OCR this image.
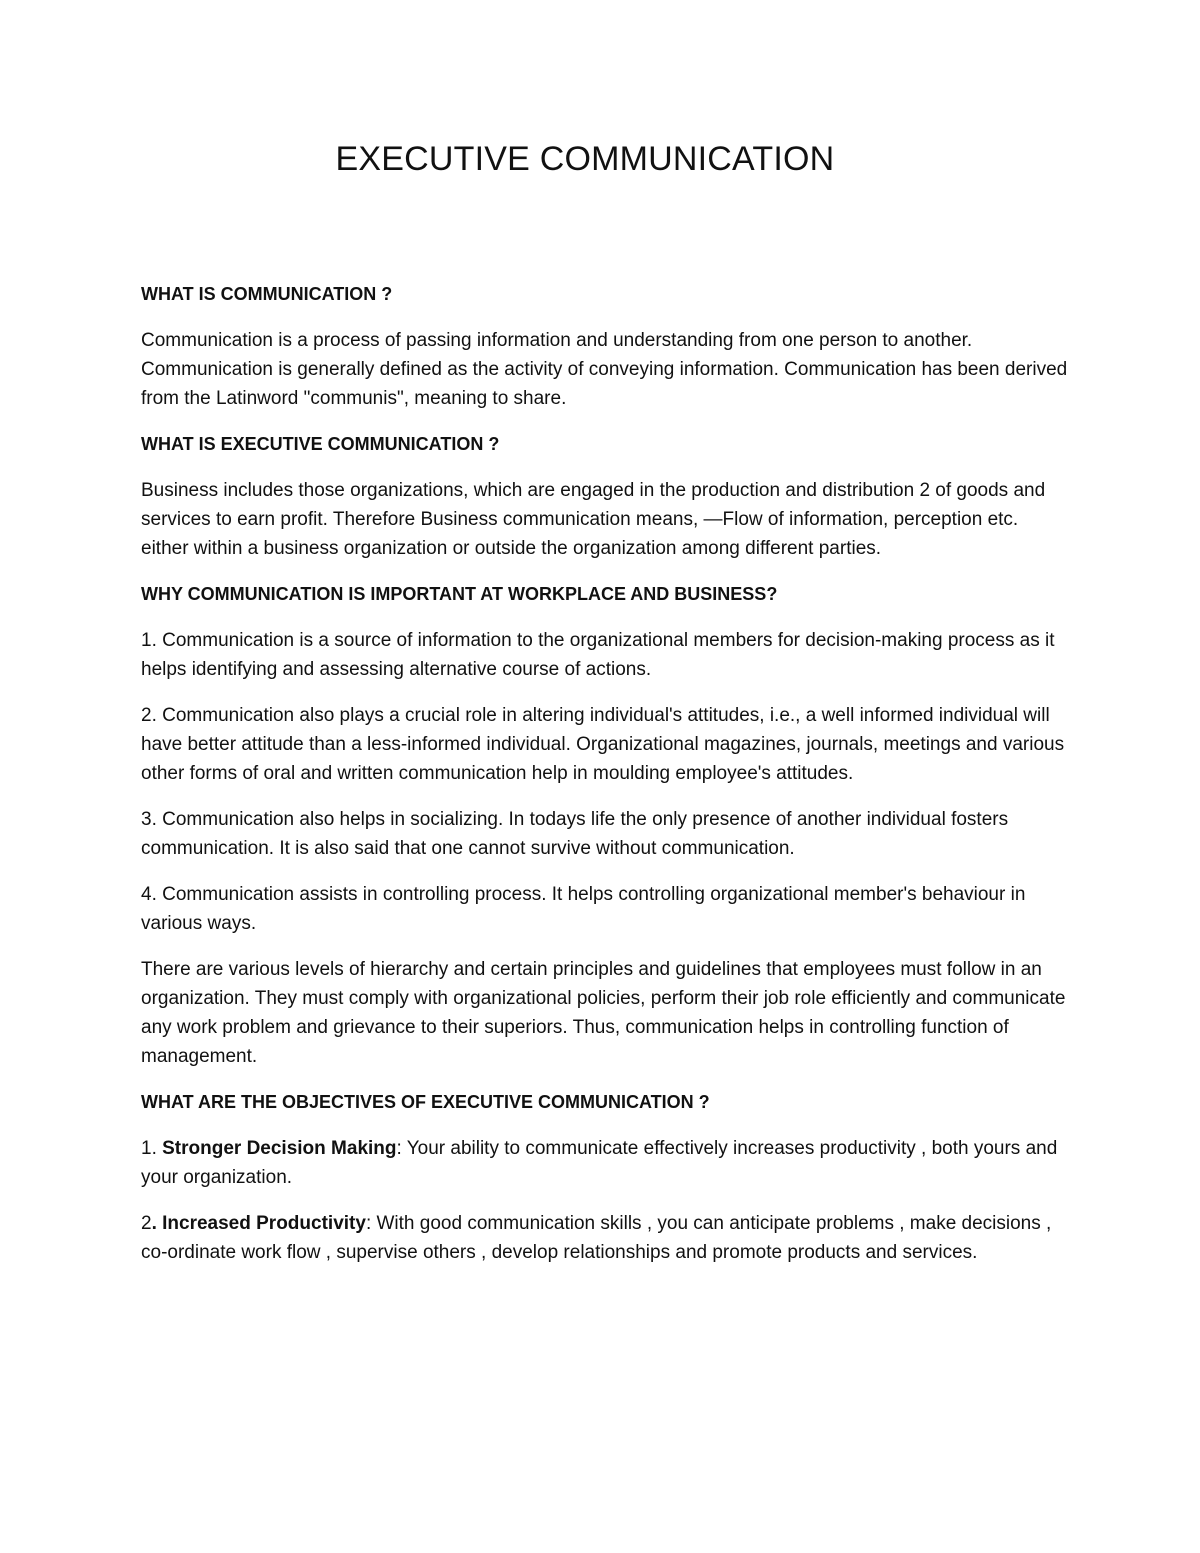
EXECUTIVE COMMUNICATION

WHAT IS COMMUNICATION ?

Communication is a process of passing information and understanding from one person to another. Communication is generally defined as the activity of conveying information. Communication has been derived from the Latinword "communis", meaning to share.

WHAT IS EXECUTIVE COMMUNICATION ?

Business includes those organizations, which are engaged in the production and distribution 2 of goods and services to earn profit. Therefore Business communication means, —Flow of information, perception etc. either within a business organization or outside the organization among different parties.

WHY COMMUNICATION IS IMPORTANT AT WORKPLACE AND BUSINESS?

1. Communication is a source of information to the organizational members for decision-making process as it helps identifying and assessing alternative course of actions.

2. Communication also plays a crucial role in altering individual's attitudes, i.e., a well informed individual will have better attitude than a less-informed individual. Organizational magazines, journals, meetings and various other forms of oral and written communication help in moulding employee's attitudes.

3. Communication also helps in socializing. In todays life the only presence of another individual fosters communication. It is also said that one cannot survive without communication.

4. Communication assists in controlling process. It helps controlling organizational member's behaviour in various ways.

There are various levels of hierarchy and certain principles and guidelines that employees must follow in an organization. They must comply with organizational policies, perform their job role efficiently and communicate any work problem and grievance to their superiors. Thus, communication helps in controlling function of management.

WHAT ARE THE OBJECTIVES OF EXECUTIVE COMMUNICATION ?

1. Stronger Decision Making: Your ability to communicate effectively increases productivity , both yours and your organization.

2. Increased Productivity: With good communication skills , you can anticipate problems , make decisions , co-ordinate work flow , supervise others , develop relationships and promote products and services.
